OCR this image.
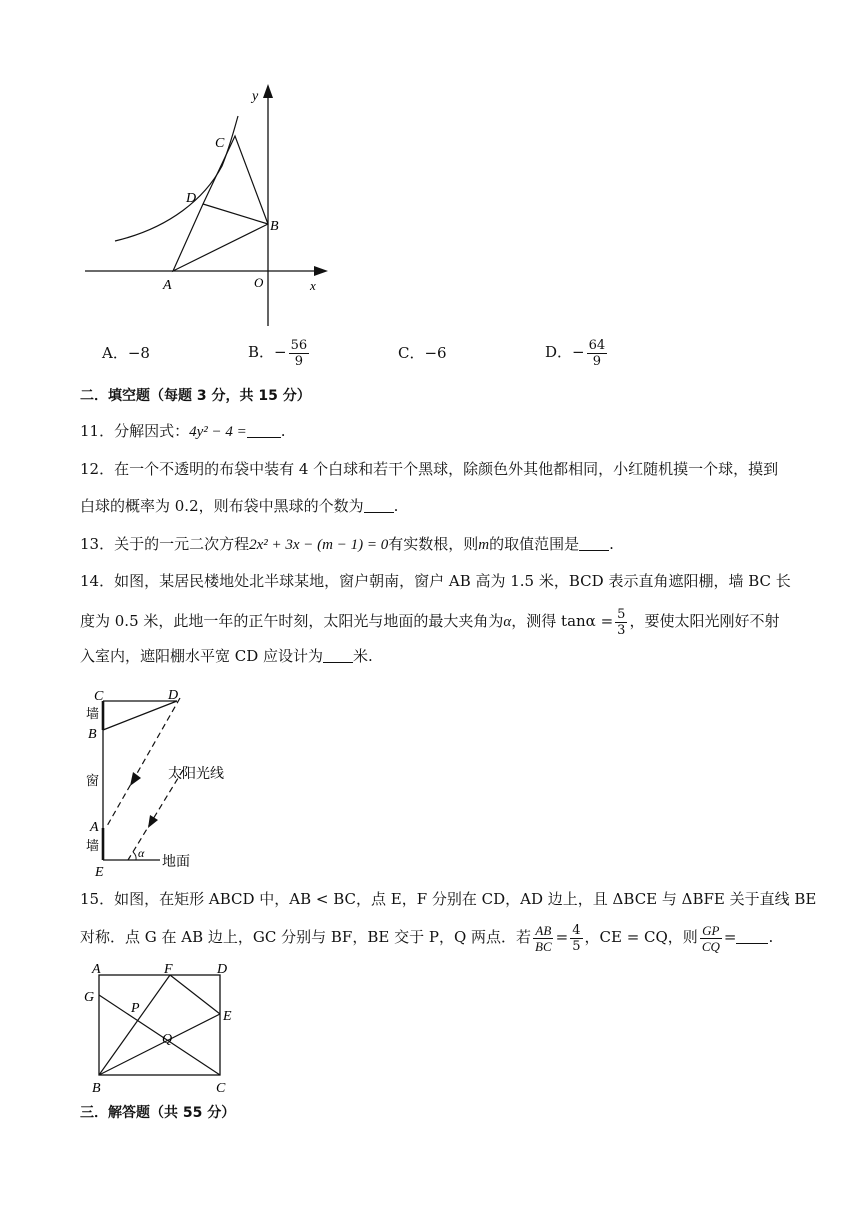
y
x
O
A
B
C
D
A．−8	B．− $\frac{56}{9}$	C．−6	D．− $\frac{64}{9}$
二．填空题（每题 3 分，共 15 分）
11．分解因式：4y² − 4 = .
12．在一个不透明的布袋中装有 4 个白球和若干个黑球，除颜色外其他都相同，小红随机摸一个球，摸到
白球的概率为 0.2，则布袋中黑球的个数为 .
13．关于的一元二次方程2x² + 3x − (m − 1) = 0有实数根，则m的取值范围是 .
14．如图，某居民楼地处北半球某地，窗户朝南，窗户 AB 高为 1.5 米，BCD 表示直角遮阳棚，墙 BC 长
度为 0.5 米，此地一年的正午时刻，太阳光与地面的最大夹角为α，测得 $\tan\alpha = \frac{5}{3}$ ，要使太阳光刚好不射
入室内，遮阳棚水平宽 CD 应设计为 米.
C	D
B
A
E
墙
窗
墙
太阳光线
地面
α
15．如图，在矩形 ABCD 中，AB < BC，点 E，F 分别在 CD，AD 边上，且 ΔBCE 与 ΔBFE 关于直线 BE
对称．点 G 在 AB 边上，GC 分别与 BF，BE 交于 P，Q 两点．若 $\frac{AB}{BC} = \frac{4}{5}$ ，CE = CQ，则 $\frac{GP}{CQ}$ = .
A	F	D
G
P
E
Q
B	C
三．解答题（共 55 分）
